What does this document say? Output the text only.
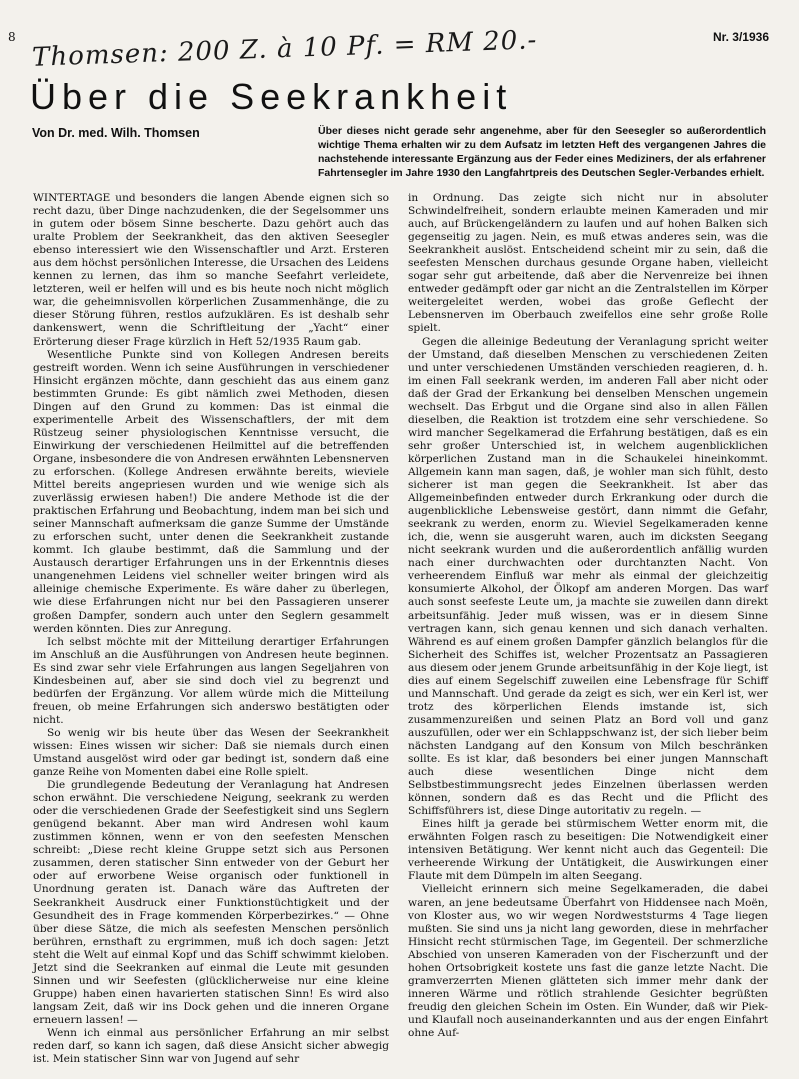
8	Nr. 3/1936
Thomsen: 200 Z. à 10 Pf. = RM 20.-
Über die Seekrankheit
Von Dr. med. Wilh. Thomsen	Über dieses nicht gerade sehr angenehme, aber für den Seesegler so außerordentlich wichtige Thema erhalten wir zu dem Aufsatz im letzten Heft des vergangenen Jahres die nachstehende interessante Ergänzung aus der Feder eines Mediziners, der als erfahrener Fahrtensegler im Jahre 1930 den Langfahrtpreis des Deutschen Segler-Verbandes erhielt.

WINTERTAGE und besonders die langen Abende eignen sich so recht dazu, über Dinge nachzudenken, die der Segelsommer uns in gutem oder bösem Sinne bescherte. Dazu gehört auch das uralte Problem der Seekrankheit, das den aktiven Seesegler ebenso interessiert wie den Wissenschaftler und Arzt. Ersteren aus dem höchst persönlichen Interesse, die Ursachen des Leidens kennen zu lernen, das ihm so manche Seefahrt verleidete, letzteren, weil er helfen will und es bis heute noch nicht möglich war, die geheimnisvollen körperlichen Zusammenhänge, die zu dieser Störung führen, restlos aufzuklären. Es ist deshalb sehr dankenswert, wenn die Schriftleitung der „Yacht“ einer Erörterung dieser Frage kürzlich in Heft 52/1935 Raum gab.

Wesentliche Punkte sind von Kollegen Andresen bereits gestreift worden. Wenn ich seine Ausführungen in verschiedener Hinsicht ergänzen möchte, dann geschieht das aus einem ganz bestimmten Grunde: Es gibt nämlich zwei Methoden, diesen Dingen auf den Grund zu kommen: Das ist einmal die experimentelle Arbeit des Wissenschaftlers, der mit dem Rüstzeug seiner physiologischen Kenntnisse versucht, die Einwirkung der verschiedenen Heilmittel auf die betreffenden Organe, insbesondere die von Andresen erwähnten Lebensnerven zu erforschen. (Kollege Andresen erwähnte bereits, wieviele Mittel bereits angepriesen wurden und wie wenige sich als zuverlässig erwiesen haben!) Die andere Methode ist die der praktischen Erfahrung und Beobachtung, indem man bei sich und seiner Mannschaft aufmerksam die ganze Summe der Umstände zu erforschen sucht, unter denen die Seekrankheit zustande kommt. Ich glaube bestimmt, daß die Sammlung und der Austausch derartiger Erfahrungen uns in der Erkenntnis dieses unangenehmen Leidens viel schneller weiter bringen wird als alleinige chemische Experimente. Es wäre daher zu überlegen, wie diese Erfahrungen nicht nur bei den Passagieren unserer großen Dampfer, sondern auch unter den Seglern gesammelt werden könnten. Dies zur Anregung.

Ich selbst möchte mit der Mitteilung derartiger Erfahrungen im Anschluß an die Ausführungen von Andresen heute beginnen. Es sind zwar sehr viele Erfahrungen aus langen Segeljahren von Kindesbeinen auf, aber sie sind doch viel zu begrenzt und bedürfen der Ergänzung. Vor allem würde mich die Mitteilung freuen, ob meine Erfahrungen sich anderswo bestätigten oder nicht.

So wenig wir bis heute über das Wesen der Seekrankheit wissen: Eines wissen wir sicher: Daß sie niemals durch einen Umstand ausgelöst wird oder gar bedingt ist, sondern daß eine ganze Reihe von Momenten dabei eine Rolle spielt.

Die grundlegende Bedeutung der Veranlagung hat Andresen schon erwähnt. Die verschiedene Neigung, seekrank zu werden oder die verschiedenen Grade der Seefestigkeit sind uns Seglern genügend bekannt. Aber man wird Andresen wohl kaum zustimmen können, wenn er von den seefesten Menschen schreibt: „Diese recht kleine Gruppe setzt sich aus Personen zusammen, deren statischer Sinn entweder von der Geburt her oder auf erworbene Weise organisch oder funktionell in Unordnung geraten ist. Danach wäre das Auftreten der Seekrankheit Ausdruck einer Funktionstüchtigkeit und der Gesundheit des in Frage kommenden Körperbezirkes.“ — Ohne über diese Sätze, die mich als seefesten Menschen persönlich berühren, ernsthaft zu ergrimmen, muß ich doch sagen: Jetzt steht die Welt auf einmal Kopf und das Schiff schwimmt kieloben. Jetzt sind die Seekranken auf einmal die Leute mit gesunden Sinnen und wir Seefesten (glücklicherweise nur eine kleine Gruppe) haben einen havarierten statischen Sinn! Es wird also langsam Zeit, daß wir ins Dock gehen und die inneren Organe erneuern lassen! —

Wenn ich einmal aus persönlicher Erfahrung an mir selbst reden darf, so kann ich sagen, daß diese Ansicht sicher abwegig ist. Mein statischer Sinn war von Jugend auf sehr

in Ordnung. Das zeigte sich nicht nur in absoluter Schwindelfreiheit, sondern erlaubte meinen Kameraden und mir auch, auf Brückengeländern zu laufen und auf hohen Balken sich gegenseitig zu jagen. Nein, es muß etwas anderes sein, was die Seekrankheit auslöst. Entscheidend scheint mir zu sein, daß die seefesten Menschen durchaus gesunde Organe haben, vielleicht sogar sehr gut arbeitende, daß aber die Nervenreize bei ihnen entweder gedämpft oder gar nicht an die Zentralstellen im Körper weitergeleitet werden, wobei das große Geflecht der Lebensnerven im Oberbauch zweifellos eine sehr große Rolle spielt.

Gegen die alleinige Bedeutung der Veranlagung spricht weiter der Umstand, daß dieselben Menschen zu verschiedenen Zeiten und unter verschiedenen Umständen verschieden reagieren, d. h. im einen Fall seekrank werden, im anderen Fall aber nicht oder daß der Grad der Erkankung bei denselben Menschen ungemein wechselt. Das Erbgut und die Organe sind also in allen Fällen dieselben, die Reaktion ist trotzdem eine sehr verschiedene. So wird mancher Segelkamerad die Erfahrung bestätigen, daß es ein sehr großer Unterschied ist, in welchem augenblicklichen körperlichen Zustand man in die Schaukelei hineinkommt. Allgemein kann man sagen, daß, je wohler man sich fühlt, desto sicherer ist man gegen die Seekrankheit. Ist aber das Allgemeinbefinden entweder durch Erkrankung oder durch die augenblickliche Lebensweise gestört, dann nimmt die Gefahr, seekrank zu werden, enorm zu. Wieviel Segelkameraden kenne ich, die, wenn sie ausgeruht waren, auch im dicksten Seegang nicht seekrank wurden und die außerordentlich anfällig wurden nach einer durchwachten oder durchtanzten Nacht. Von verheerendem Einfluß war mehr als einmal der gleichzeitig konsumierte Alkohol, der Ölkopf am anderen Morgen. Das warf auch sonst seefeste Leute um, ja machte sie zuweilen dann direkt arbeitsunfähig. Jeder muß wissen, was er in diesem Sinne vertragen kann, sich genau kennen und sich danach verhalten. Während es auf einem großen Dampfer gänzlich belanglos für die Sicherheit des Schiffes ist, welcher Prozentsatz an Passagieren aus diesem oder jenem Grunde arbeitsunfähig in der Koje liegt, ist dies auf einem Segelschiff zuweilen eine Lebensfrage für Schiff und Mannschaft. Und gerade da zeigt es sich, wer ein Kerl ist, wer trotz des körperlichen Elends imstande ist, sich zusammenzureißen und seinen Platz an Bord voll und ganz auszufüllen, oder wer ein Schlappschwanz ist, der sich lieber beim nächsten Landgang auf den Konsum von Milch beschränken sollte. Es ist klar, daß besonders bei einer jungen Mannschaft auch diese wesentlichen Dinge nicht dem Selbstbestimmungsrecht jedes Einzelnen überlassen werden können, sondern daß es das Recht und die Pflicht des Schiffsführers ist, diese Dinge autoritativ zu regeln. —

Eines hilft ja gerade bei stürmischem Wetter enorm mit, die erwähnten Folgen rasch zu beseitigen: Die Notwendigkeit einer intensiven Betätigung. Wer kennt nicht auch das Gegenteil: Die verheerende Wirkung der Untätigkeit, die Auswirkungen einer Flaute mit dem Dümpeln im alten Seegang.

Vielleicht erinnern sich meine Segelkameraden, die dabei waren, an jene bedeutsame Überfahrt von Hiddensee nach Moën, von Kloster aus, wo wir wegen Nordweststurms 4 Tage liegen mußten. Sie sind uns ja nicht lang geworden, diese in mehrfacher Hinsicht recht stürmischen Tage, im Gegenteil. Der schmerzliche Abschied von unseren Kameraden von der Fischerzunft und der hohen Ortsobrigkeit kostete uns fast die ganze letzte Nacht. Die gramverzerrten Mienen glätteten sich immer mehr dank der inneren Wärme und rötlich strahlende Gesichter begrüßten freudig den gleichen Schein im Osten. Ein Wunder, daß wir Piek- und Klaufall noch auseinanderkannten und aus der engen Einfahrt ohne Auf-
